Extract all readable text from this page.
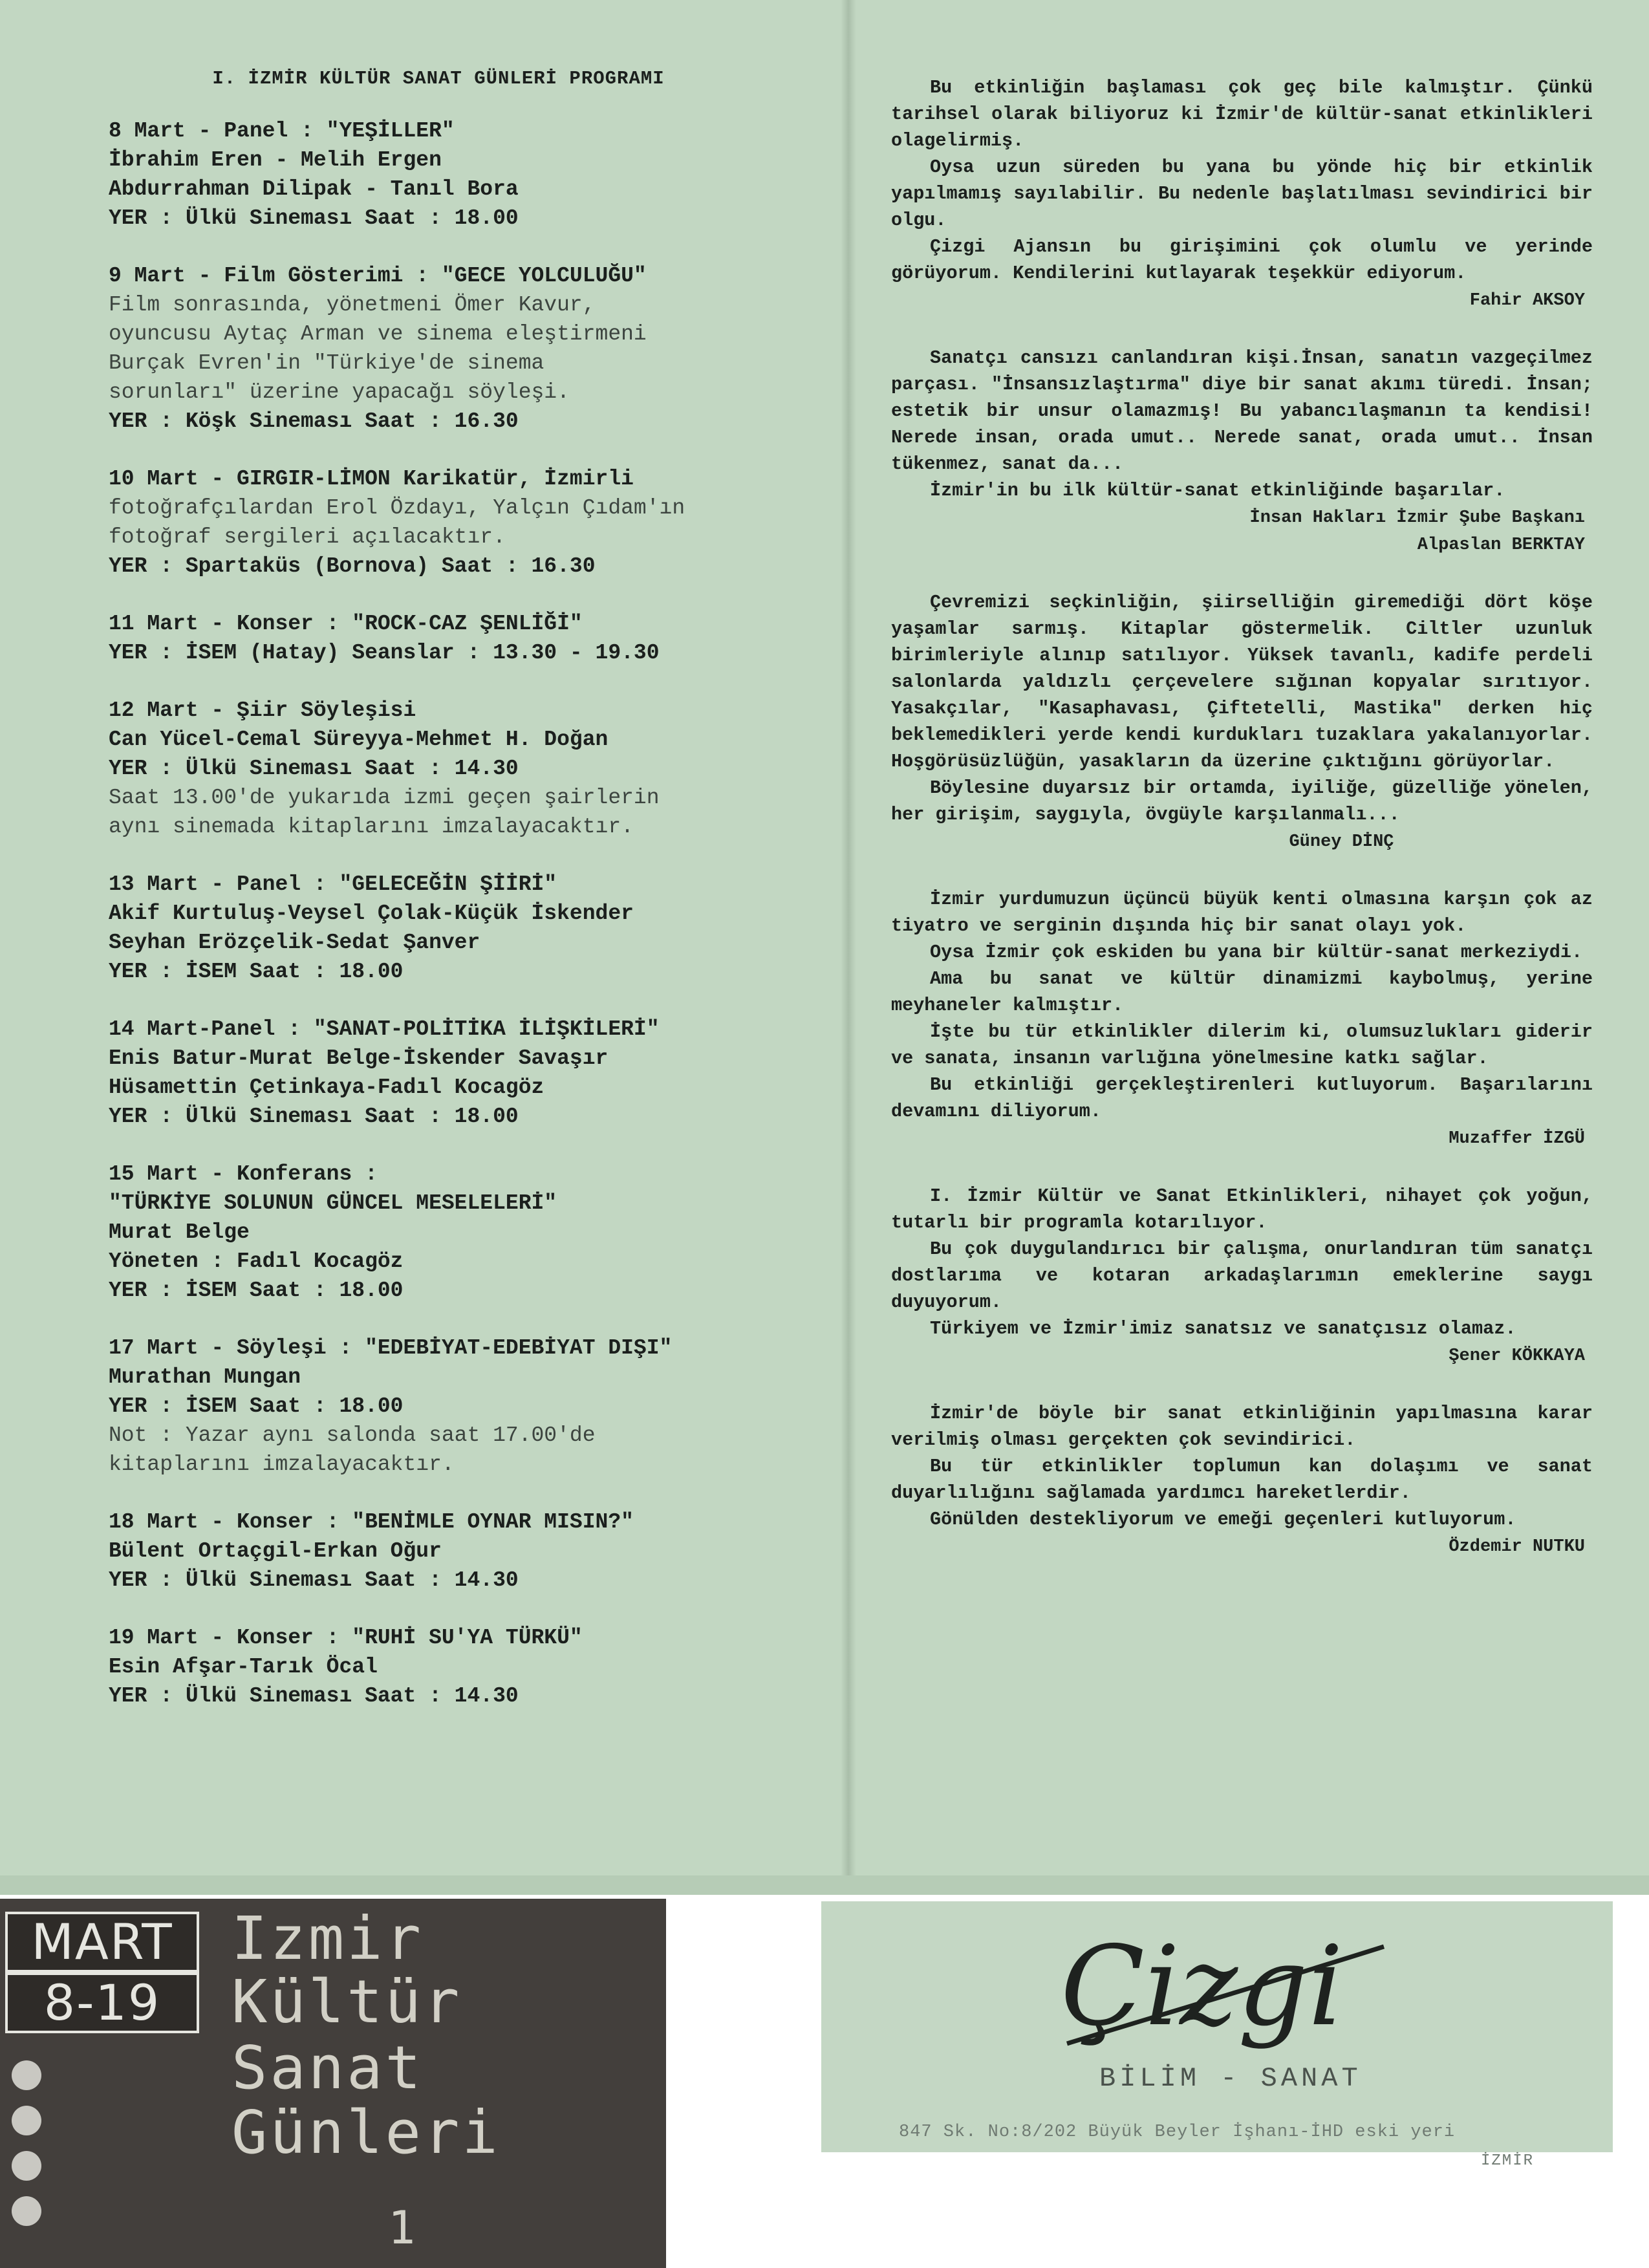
I. İZMİR KÜLTÜR SANAT GÜNLERİ PROGRAMI
8 Mart - Panel : "YEŞİLLER"
İbrahim Eren - Melih Ergen
Abdurrahman Dilipak - Tanıl Bora
YER : Ülkü Sineması Saat : 18.00
9 Mart - Film Gösterimi : "GECE YOLCULUĞU"
Film sonrasında, yönetmeni Ömer Kavur,
oyuncusu Aytaç Arman ve sinema eleştirmeni
Burçak Evren'in "Türkiye'de sinema
sorunları" üzerine yapacağı söyleşi.
YER : Köşk Sineması Saat : 16.30
10 Mart - GIRGIR-LİMON Karikatür, İzmirli
fotoğrafçılardan Erol Özdayı, Yalçın Çıdam'ın
fotoğraf sergileri açılacaktır.
YER : Spartaküs (Bornova) Saat : 16.30
11 Mart - Konser : "ROCK-CAZ ŞENLİĞİ"
YER : İSEM (Hatay) Seanslar : 13.30 - 19.30
12 Mart - Şiir Söyleşisi
Can Yücel-Cemal Süreyya-Mehmet H. Doğan
YER : Ülkü Sineması Saat : 14.30
Saat 13.00'de yukarıda izmi geçen şairlerin
aynı sinemada kitaplarını imzalayacaktır.
13 Mart - Panel : "GELECEĞİN ŞİİRİ"
Akif Kurtuluş-Veysel Çolak-Küçük İskender
Seyhan Erözçelik-Sedat Şanver
YER : İSEM Saat : 18.00
14 Mart-Panel : "SANAT-POLİTİKA İLİŞKİLERİ"
Enis Batur-Murat Belge-İskender Savaşır
Hüsamettin Çetinkaya-Fadıl Kocagöz
YER : Ülkü Sineması Saat : 18.00
15 Mart - Konferans :
"TÜRKİYE SOLUNUN GÜNCEL MESELELERİ"
Murat Belge
Yöneten : Fadıl Kocagöz
YER : İSEM Saat : 18.00
17 Mart - Söyleşi : "EDEBİYAT-EDEBİYAT DIŞI"
Murathan Mungan
YER : İSEM Saat : 18.00
Not : Yazar aynı salonda saat 17.00'de
kitaplarını imzalayacaktır.
18 Mart - Konser : "BENİMLE OYNAR MISIN?"
Bülent Ortaçgil-Erkan Oğur
YER : Ülkü Sineması Saat : 14.30
19 Mart - Konser : "RUHİ SU'YA TÜRKÜ"
Esin Afşar-Tarık Öcal
YER : Ülkü Sineması Saat : 14.30

Bu etkinliğin başlaması çok geç bile kalmıştır. Çünkü tarihsel olarak biliyoruz ki İzmir'de kültür-sanat etkinlikleri olagelirmiş.

Oysa uzun süreden bu yana bu yönde hiç bir etkinlik yapılmamış sayılabilir. Bu nedenle başlatılması sevindirici bir olgu.

Çizgi Ajansın bu girişimini çok olumlu ve yerinde görüyorum. Kendilerini kutlayarak teşekkür ediyorum.

Fahir AKSOY

Sanatçı cansızı canlandıran kişi.İnsan, sanatın vazgeçilmez parçası. "İnsansızlaştırma" diye bir sanat akımı türedi. İnsan; estetik bir unsur olamazmış! Bu yabancılaşmanın ta kendisi! Nerede insan, orada umut.. Nerede sanat, orada umut.. İnsan tükenmez, sanat da...

İzmir'in bu ilk kültür-sanat etkinliğinde başarılar.

İnsan Hakları İzmir Şube Başkanı
Alpaslan BERKTAY

Çevremizi seçkinliğin, şiirselliğin giremediği dört köşe yaşamlar sarmış. Kitaplar göstermelik. Ciltler uzunluk birimleriyle alınıp satılıyor. Yüksek tavanlı, kadife perdeli salonlarda yaldızlı çerçevelere sığınan kopyalar sırıtıyor. Yasakçılar, "Kasaphavası, Çiftetelli, Mastika" derken hiç beklemedikleri yerde kendi kurdukları tuzaklara yakalanıyorlar. Hoşgörüsüzlüğün, yasakların da üzerine çıktığını görüyorlar.

Böylesine duyarsız bir ortamda, iyiliğe, güzelliğe yönelen, her girişim, saygıyla, övgüyle karşılanmalı...

Güney DİNÇ

İzmir yurdumuzun üçüncü büyük kenti olmasına karşın çok az tiyatro ve serginin dışında hiç bir sanat olayı yok.

Oysa İzmir çok eskiden bu yana bir kültür-sanat merkeziydi.

Ama bu sanat ve kültür dinamizmi kaybolmuş, yerine meyhaneler kalmıştır.

İşte bu tür etkinlikler dilerim ki, olumsuzlukları giderir ve sanata, insanın varlığına yönelmesine katkı sağlar.

Bu etkinliği gerçekleştirenleri kutluyorum. Başarılarını devamını diliyorum.

Muzaffer İZGÜ

I. İzmir Kültür ve Sanat Etkinlikleri, nihayet çok yoğun, tutarlı bir programla kotarılıyor.

Bu çok duygulandırıcı bir çalışma, onurlandıran tüm sanatçı dostlarıma ve kotaran arkadaşlarımın emeklerine saygı duyuyorum.

Türkiyem ve İzmir'imiz sanatsız ve sanatçısız olamaz.

Şener KÖKKAYA

İzmir'de böyle bir sanat etkinliğinin yapılmasına karar verilmiş olması gerçekten çok sevindirici.

Bu tür etkinlikler toplumun kan dolaşımı ve sanat duyarlılığını sağlamada yardımcı hareketlerdir.

Gönülden destekliyorum ve emeği geçenleri kutluyorum.

Özdemir NUTKU
MART
8-19
Izmir
Kültür
Sanat
Günleri
1
Çizgi
BİLİM - SANAT
847 Sk. No:8/202 Büyük Beyler İşhanı-İHD eski yeri
İZMİR
